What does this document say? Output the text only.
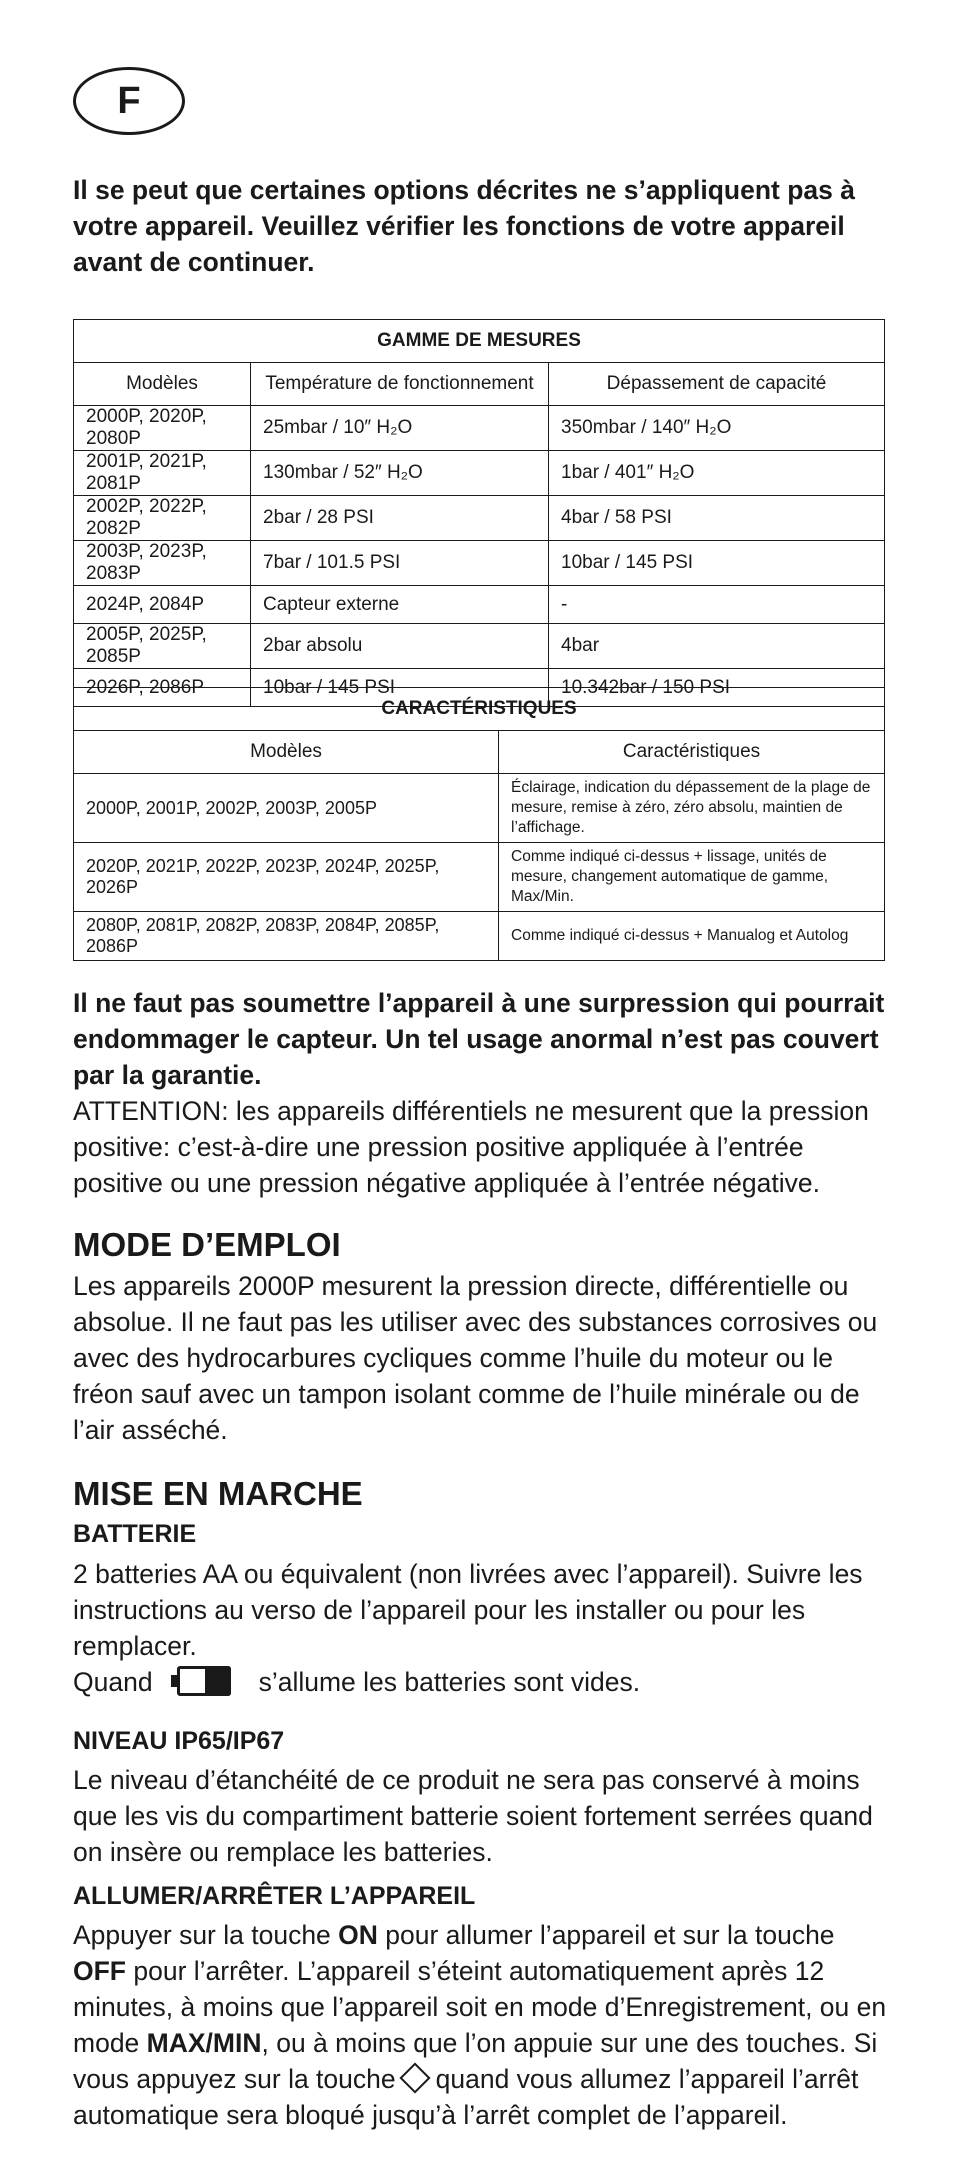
F
Il se peut que certaines options décrites ne s’appliquent pas à votre appareil. Veuillez vérifier les fonctions de votre appareil avant de continuer.
GAMME DE MESURES		
Modèles	Température de fonctionnement	Dépassement de capacité
2000P, 2020P, 2080P	25mbar / 10″ H₂O	350mbar / 140″ H₂O
2001P, 2021P, 2081P	130mbar / 52″ H₂O	1bar / 401″ H₂O
2002P, 2022P, 2082P	2bar / 28 PSI	4bar / 58 PSI
2003P, 2023P, 2083P	7bar / 101.5 PSI	10bar / 145 PSI
2024P, 2084P	Capteur externe	-
2005P, 2025P, 2085P	2bar absolu	4bar
2026P, 2086P	10bar / 145 PSI	10.342bar / 150 PSI
CARACTÉRISTIQUES	
Modèles	Caractéristiques
2000P, 2001P, 2002P, 2003P, 2005P	Éclairage, indication du dépassement de la plage de mesure, remise à zéro, zéro absolu, maintien de l’affichage.
2020P, 2021P, 2022P, 2023P, 2024P, 2025P, 2026P	Comme indiqué ci-dessus + lissage, unités de mesure, changement automatique de gamme, Max/Min.
2080P, 2081P, 2082P, 2083P, 2084P, 2085P, 2086P	Comme indiqué ci-dessus + Manualog et Autolog
Il ne faut pas soumettre l’appareil à une surpression qui pourrait endommager le capteur. Un tel usage anormal n’est pas couvert par la garantie.
ATTENTION: les appareils différentiels ne mesurent que la pression positive: c’est-à-dire une pression positive appliquée à l’entrée positive ou une pression négative appliquée à l’entrée négative.
MODE D’EMPLOI
Les appareils 2000P mesurent la pression directe, différentielle ou absolue. Il ne faut pas les utiliser avec des substances corrosives ou avec des hydrocarbures cycliques comme l’huile du moteur ou le fréon sauf avec un tampon isolant comme de l’huile minérale ou de l’air asséché.
MISE EN MARCHE
BATTERIE
2 batteries AA ou équivalent (non livrées avec l’appareil). Suivre les instructions au verso de l’appareil pour les installer ou pour les remplacer.
Quand	s’allume les batteries sont vides.
NIVEAU IP65/IP67
Le niveau d’étanchéité de ce produit ne sera pas conservé à moins que les vis du compartiment batterie soient fortement serrées quand on insère ou remplace les batteries.
ALLUMER/ARRÊTER L’APPAREIL
Appuyer sur la touche ON pour allumer l’appareil et sur la touche OFF pour l’arrêter. L’appareil s’éteint automatiquement après 12 minutes, à moins que l’appareil soit en mode d’Enregistrement, ou en mode MAX/MIN, ou à moins que l’on appuie sur une des touches. Si vous appuyez sur la touche quand vous allumez l’appareil l’arrêt automatique sera bloqué jusqu’à l’arrêt complet de l’appareil.
